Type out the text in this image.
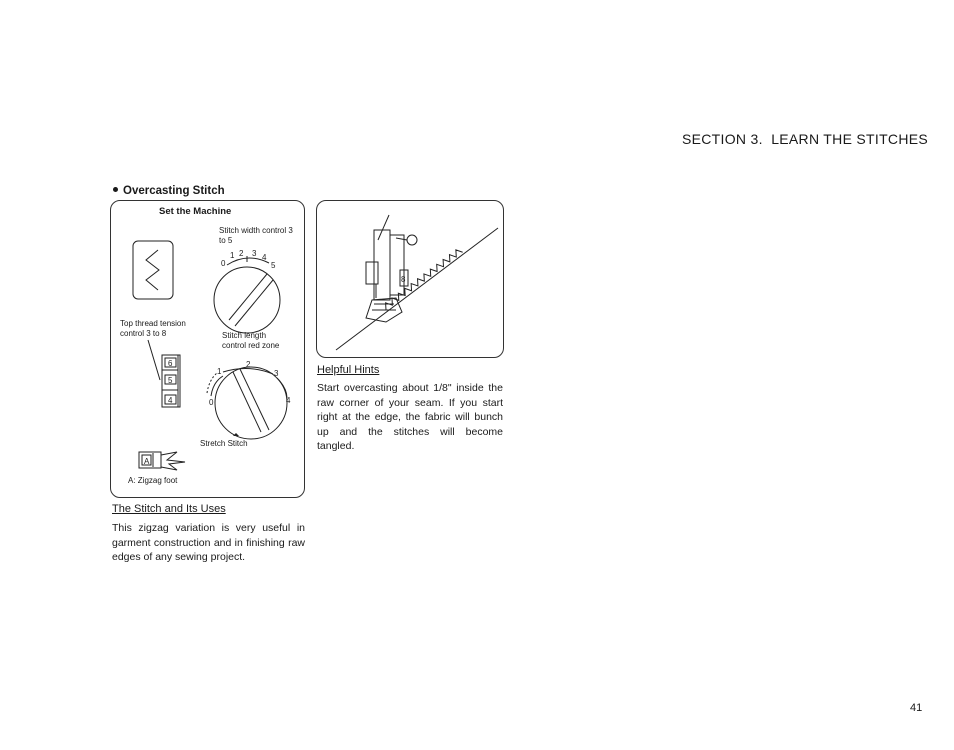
SECTION 3. LEARN THE STITCHES
Overcasting Stitch
Set the Machine
Stitch width control 3 to 5
0
1 2 3 4
5
Top thread tension control 3 to 8
6
5
4
Stitch length control red zone
0
1
2
3
4
Stretch Stitch
A
A: Zigzag foot
8
The Stitch and Its Uses
This zigzag variation is very useful in garment construction and in finishing raw edges of any sewing project.
Helpful Hints
Start overcasting about 1/8" inside the raw corner of your seam. If you start right at the edge, the fabric will bunch up and the stitches will become tangled.
41
